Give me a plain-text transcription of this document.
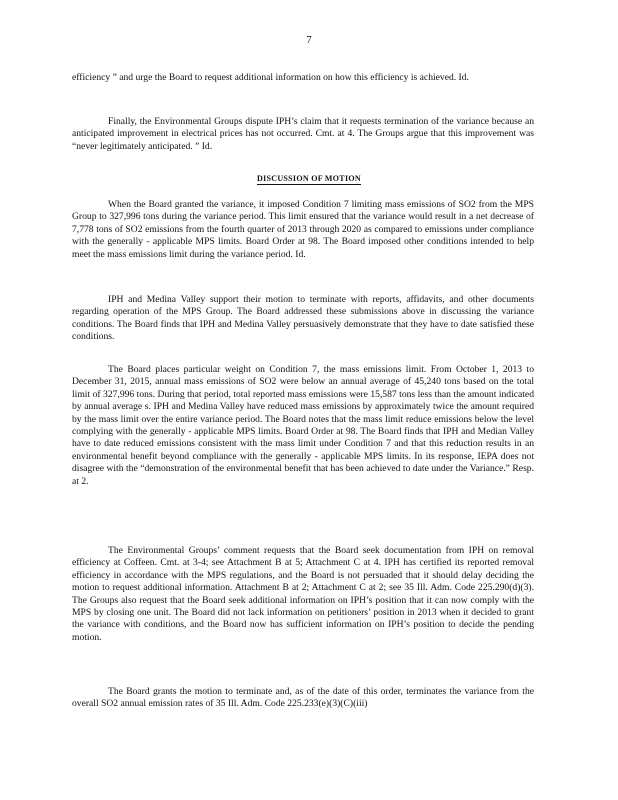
7

efficiency ” and urge the Board to request additional information on how this efficiency is achieved. Id.

Finally, the Environmental Groups dispute IPH’s claim that it requests termination of the variance because an anticipated improvement in electrical prices has not occurred. Cmt. at 4. The Groups argue that this improvement was “never legitimately anticipated. ” Id.

DISCUSSION OF MOTION

When the Board granted the variance, it imposed Condition 7 limiting mass emissions of SO2 from the MPS Group to 327,996 tons during the variance period. This limit ensured that the variance would result in a net decrease of 7,778 tons of SO2 emissions from the fourth quarter of 2013 through 2020 as compared to emissions under compliance with the generally - applicable MPS limits. Board Order at 98. The Board imposed other conditions intended to help meet the mass emissions limit during the variance period. Id.

IPH and Medina Valley support their motion to terminate with reports, affidavits, and other documents regarding operation of the MPS Group. The Board addressed these submissions above in discussing the variance conditions. The Board finds that IPH and Medina Valley persuasively demonstrate that they have to date satisfied these conditions.

The Board places particular weight on Condition 7, the mass emissions limit. From October 1, 2013 to December 31, 2015, annual mass emissions of SO2 were below an annual average of 45,240 tons based on the total limit of 327,996 tons. During that period, total reported mass emissions were 15,587 tons less than the amount indicated by annual average s. IPH and Medina Valley have reduced mass emissions by approximately twice the amount required by the mass limit over the entire variance period. The Board notes that the mass limit reduce emissions below the level complying with the generally - applicable MPS limits. Board Order at 98. The Board finds that IPH and Median Valley have to date reduced emissions consistent with the mass limit under Condition 7 and that this reduction results in an environmental benefit beyond compliance with the generally - applicable MPS limits. In its response, IEPA does not disagree with the “demonstration of the environmental benefit that has been achieved to date under the Variance.” Resp. at 2.

The Environmental Groups’ comment requests that the Board seek documentation from IPH on removal efficiency at Coffeen. Cmt. at 3-4; see Attachment B at 5; Attachment C at 4. IPH has certified its reported removal efficiency in accordance with the MPS regulations, and the Board is not persuaded that it should delay deciding the motion to request additional information. Attachment B at 2; Attachment C at 2; see 35 Ill. Adm. Code 225.290(d)(3). The Groups also request that the Board seek additional information on IPH’s position that it can now comply with the MPS by closing one unit. The Board did not lack information on petitioners’ position in 2013 when it decided to grant the variance with conditions, and the Board now has sufficient information on IPH’s position to decide the pending motion.

The Board grants the motion to terminate and, as of the date of this order, terminates the variance from the overall SO2 annual emission rates of 35 Ill. Adm. Code 225.233(e)(3)(C)(iii)
